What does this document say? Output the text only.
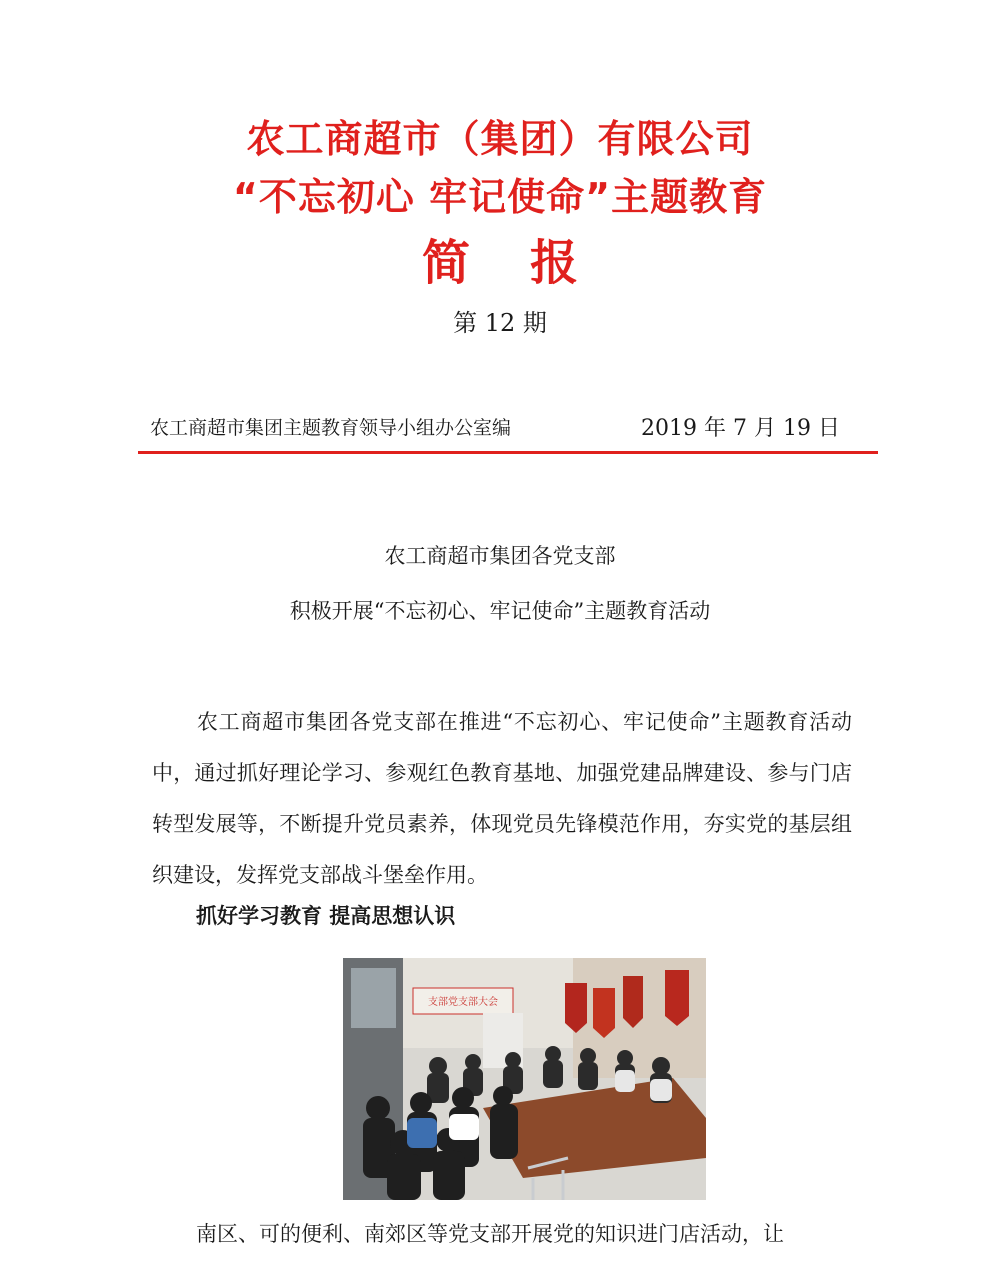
农工商超市（集团）有限公司
“不忘初心 牢记使命”主题教育
简报
第 12 期
农工商超市集团主题教育领导小组办公室编	2019 年 7 月 19 日
农工商超市集团各党支部
积极开展“不忘初心、牢记使命”主题教育活动

农工商超市集团各党支部在推进“不忘初心、牢记使命”主题教育活动中，通过抓好理论学习、参观红色教育基地、加强党建品牌建设、参与门店转型发展等，不断提升党员素养，体现党员先锋模范作用，夯实党的基层组织建设，发挥党支部战斗堡垒作用。

抓好学习教育 提高思想认识
支部党支部大会
南区、可的便利、南郊区等党支部开展党的知识进门店活动，让
